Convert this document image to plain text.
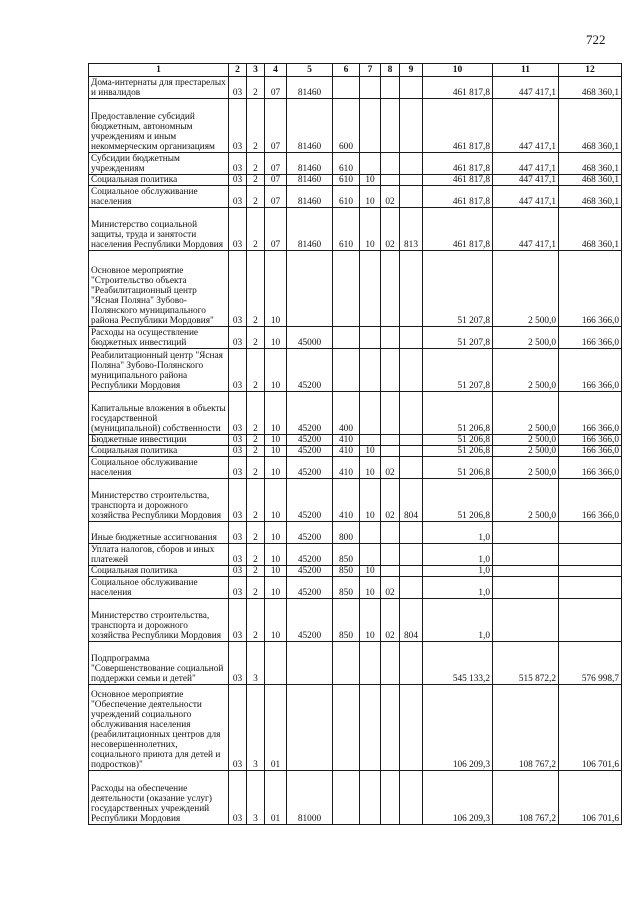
722
1	2	3	4	5	6	7	8	9	10	11	12
Дома-интернаты для престарелых и инвалидов	03	2	07	81460					461 817,8	447 417,1	468 360,1
Предоставление субсидий бюджетным, автономным учреждениям и иным некоммерческим организациям	03	2	07	81460	600				461 817,8	447 417,1	468 360,1
Субсидии бюджетным учреждениям	03	2	07	81460	610				461 817,8	447 417,1	468 360,1
Социальная политика	03	2	07	81460	610	10			461 817,8	447 417,1	468 360,1
Социальное обслуживание населения	03	2	07	81460	610	10	02		461 817,8	447 417,1	468 360,1
Министерство социальной защиты, труда и занятости населения Республики Мордовия	03	2	07	81460	610	10	02	813	461 817,8	447 417,1	468 360,1
Основное мероприятие "Строительство объекта "Реабилитационный центр "Ясная Поляна" Зубово-Полянского муниципального района Республики Мордовия"	03	2	10						51 207,8	2 500,0	166 366,0
Расходы на осуществление бюджетных инвестиций	03	2	10	45000					51 207,8	2 500,0	166 366,0
Реабилитационный центр "Ясная Поляна" Зубово-Полянского муниципального района Республики Мордовия	03	2	10	45200					51 207,8	2 500,0	166 366,0
Капитальные вложения в объекты государственной (муниципальной) собственности	03	2	10	45200	400				51 206,8	2 500,0	166 366,0
Бюджетные инвестиции	03	2	10	45200	410				51 206,8	2 500,0	166 366,0
Социальная политика	03	2	10	45200	410	10			51 206,8	2 500,0	166 366,0
Социальное обслуживание населения	03	2	10	45200	410	10	02		51 206,8	2 500,0	166 366,0
Министерство строительства, транспорта и дорожного хозяйства Республики Мордовия	03	2	10	45200	410	10	02	804	51 206,8	2 500,0	166 366,0
Иные бюджетные ассигнования	03	2	10	45200	800				1,0		
Уплата налогов, сборов и иных платежей	03	2	10	45200	850				1,0		
Социальная политика	03	2	10	45200	850	10			1,0		
Социальное обслуживание населения	03	2	10	45200	850	10	02		1,0		
Министерство строительства, транспорта и дорожного хозяйства Республики Мордовия	03	2	10	45200	850	10	02	804	1,0		
Подпрограмма "Совершенствование социальной поддержки семьи и детей"	03	3							545 133,2	515 872,2	576 998,7
Основное мероприятие "Обеспечение деятельности учреждений социального обслуживания населения (реабилитационных центров для несовершеннолетних, социального приюта для детей и подростков)"	03	3	01						106 209,3	108 767,2	106 701,6
Расходы на обеспечение деятельности (оказание услуг) государственных учреждений Республики Мордовия	03	3	01	81000					106 209,3	108 767,2	106 701,6
